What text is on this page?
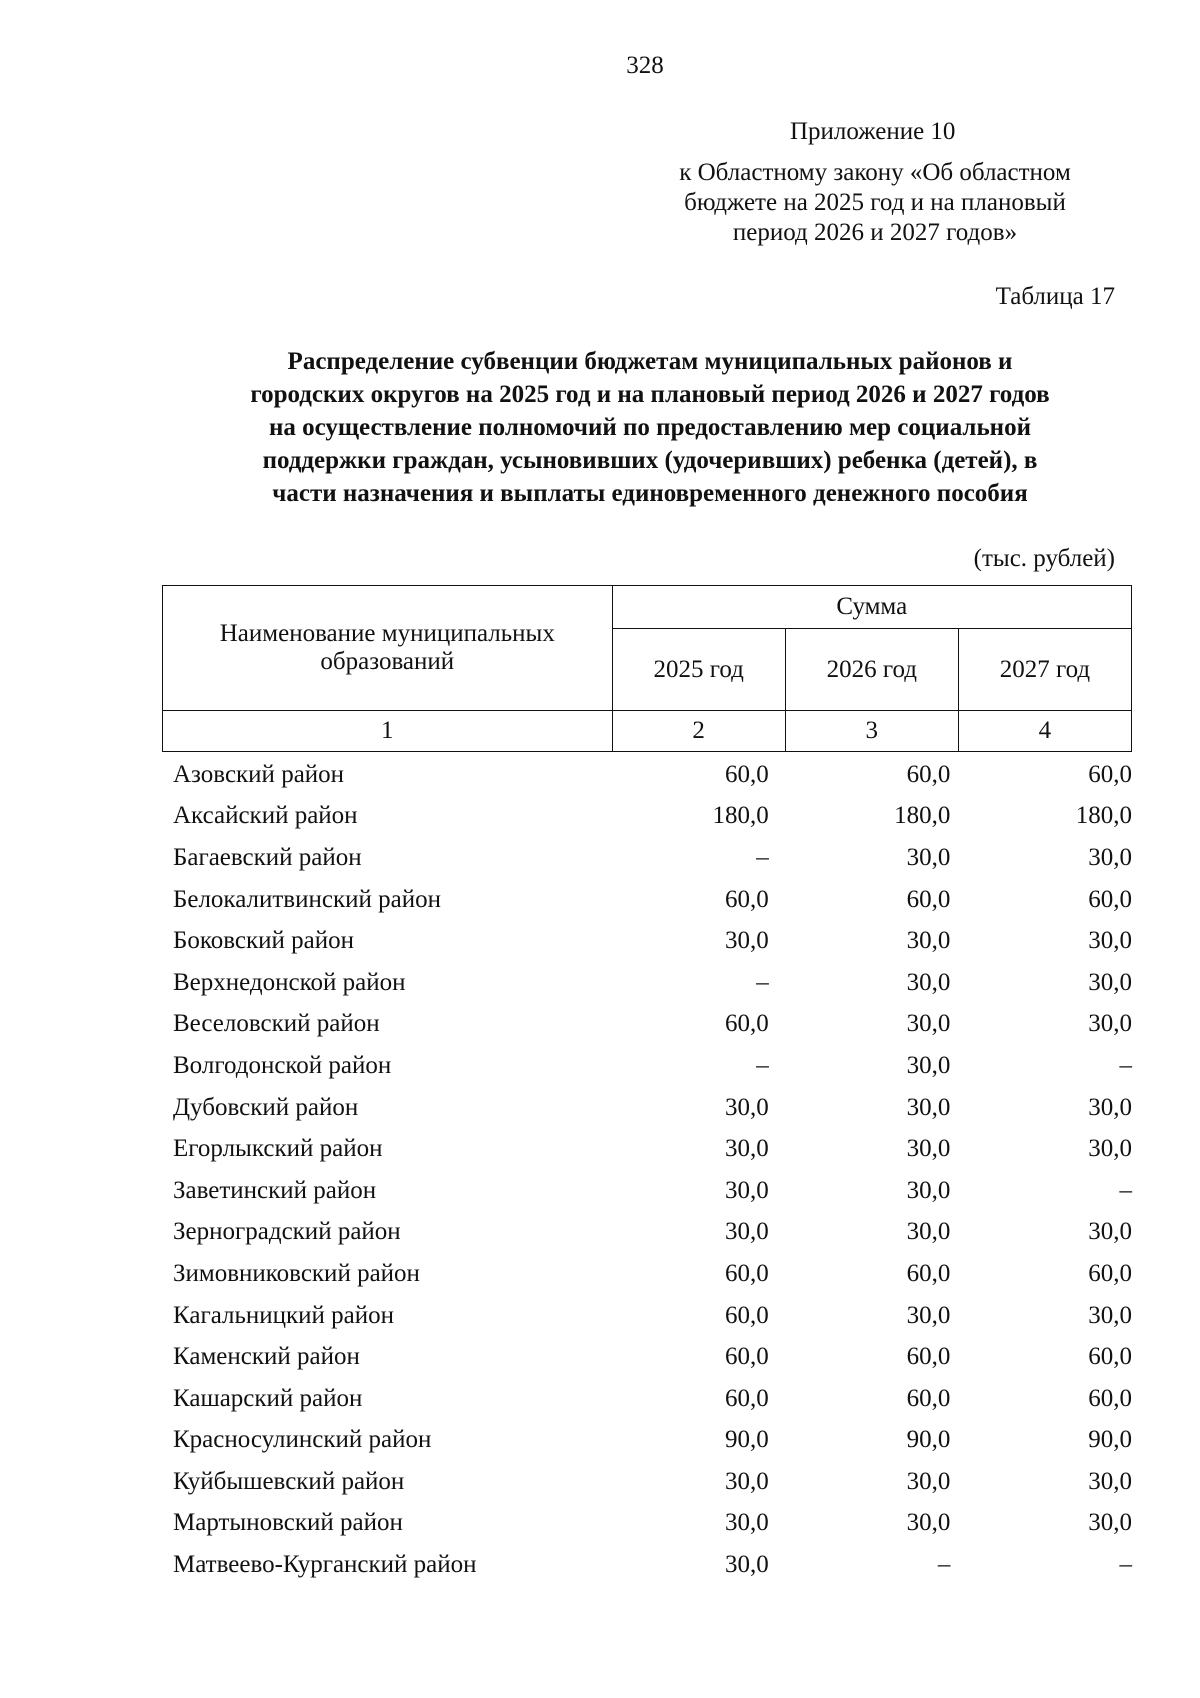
328
Приложение 10
к Областному закону «Об областном
бюджете на 2025 год и на плановый
период 2026 и 2027 годов»
Таблица 17
Распределение субвенции бюджетам муниципальных районов и
городских округов на 2025 год и на плановый период 2026 и 2027 годов
на осуществление полномочий по предоставлению мер социальной
поддержки граждан, усыновивших (удочеривших) ребенка (детей), в
части назначения и выплаты единовременного денежного пособия
(тыс. рублей)
Наименование муниципальных образований	Сумма		
	2025 год	2026 год	2027 год
1	2	3	4
Азовский район	60,0	60,0	60,0
Аксайский район	180,0	180,0	180,0
Багаевский район	–	30,0	30,0
Белокалитвинский район	60,0	60,0	60,0
Боковский район	30,0	30,0	30,0
Верхнедонской район	–	30,0	30,0
Веселовский район	60,0	30,0	30,0
Волгодонской район	–	30,0	–
Дубовский район	30,0	30,0	30,0
Егорлыкский район	30,0	30,0	30,0
Заветинский район	30,0	30,0	–
Зерноградский район	30,0	30,0	30,0
Зимовниковский район	60,0	60,0	60,0
Кагальницкий район	60,0	30,0	30,0
Каменский район	60,0	60,0	60,0
Кашарский район	60,0	60,0	60,0
Красносулинский район	90,0	90,0	90,0
Куйбышевский район	30,0	30,0	30,0
Мартыновский район	30,0	30,0	30,0
Матвеево-Курганский район	30,0	–	–
